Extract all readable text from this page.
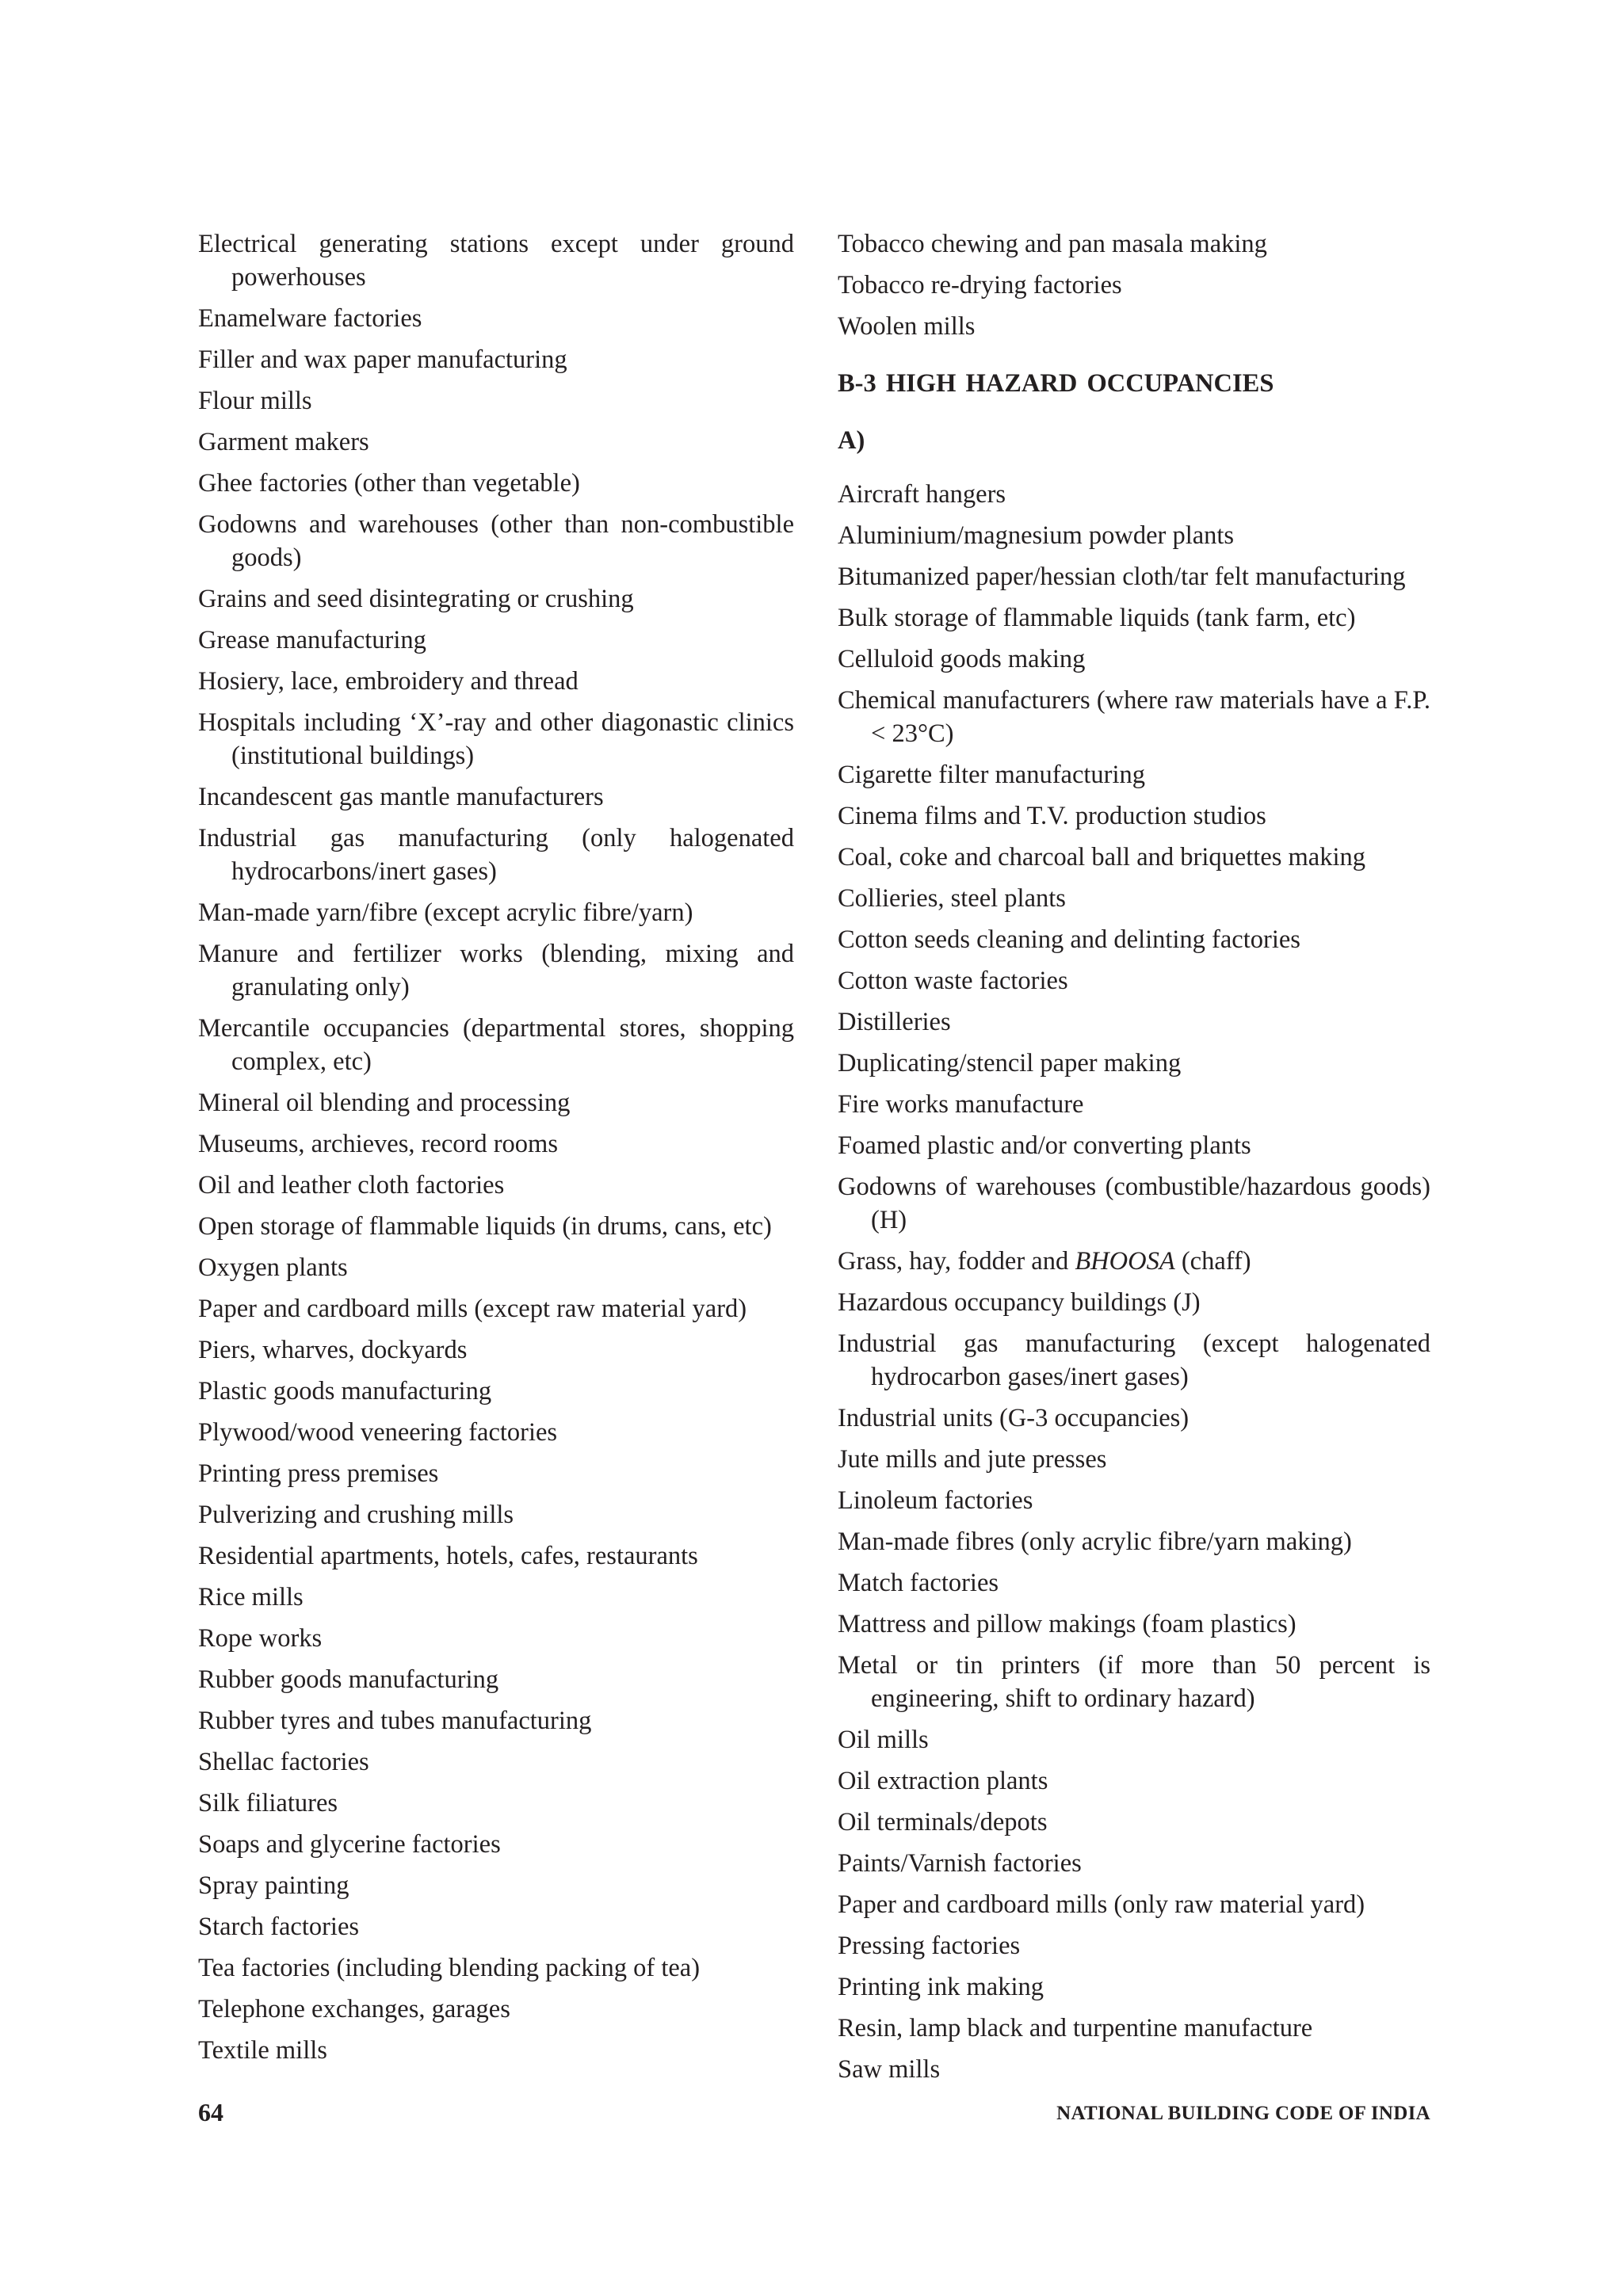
Electrical generating stations except under ground powerhouses
Enamelware factories
Filler and wax paper manufacturing
Flour mills
Garment makers
Ghee factories (other than vegetable)
Godowns and warehouses (other than non-combustible goods)
Grains and seed disintegrating or crushing
Grease manufacturing
Hosiery, lace, embroidery and thread
Hospitals including ‘X’-ray and other diagonastic clinics (institutional buildings)
Incandescent gas mantle manufacturers
Industrial gas manufacturing (only halogenated hydrocarbons/inert gases)
Man-made yarn/fibre (except acrylic fibre/yarn)
Manure and fertilizer works (blending, mixing and granulating only)
Mercantile occupancies (departmental stores, shopping complex, etc)
Mineral oil blending and processing
Museums, archieves, record rooms
Oil and leather cloth factories
Open storage of flammable liquids (in drums, cans, etc)
Oxygen plants
Paper and cardboard mills (except raw material yard)
Piers, wharves, dockyards
Plastic goods manufacturing
Plywood/wood veneering factories
Printing press premises
Pulverizing and crushing mills
Residential apartments, hotels, cafes, restaurants
Rice mills
Rope works
Rubber goods manufacturing
Rubber tyres and tubes manufacturing
Shellac factories
Silk filiatures
Soaps and glycerine factories
Spray painting
Starch factories
Tea factories (including blending packing of tea)
Telephone exchanges, garages
Textile mills
Tobacco chewing and pan masala making
Tobacco re-drying factories
Woolen mills
B-3 HIGH HAZARD OCCUPANCIES
A)
Aircraft hangers
Aluminium/magnesium powder plants
Bitumanized paper/hessian cloth/tar felt manufacturing
Bulk storage of flammable liquids (tank farm, etc)
Celluloid goods making
Chemical manufacturers (where raw materials have a F.P. < 23°C)
Cigarette filter manufacturing
Cinema films and T.V. production studios
Coal, coke and charcoal ball and briquettes making
Collieries, steel plants
Cotton seeds cleaning and delinting factories
Cotton waste factories
Distilleries
Duplicating/stencil paper making
Fire works manufacture
Foamed plastic and/or converting plants
Godowns of warehouses (combustible/hazardous goods) (H)
Grass, hay, fodder and BHOOSA (chaff)
Hazardous occupancy buildings (J)
Industrial gas manufacturing (except halogenated hydrocarbon gases/inert gases)
Industrial units (G-3 occupancies)
Jute mills and jute presses
Linoleum factories
Man-made fibres (only acrylic fibre/yarn making)
Match factories
Mattress and pillow makings (foam plastics)
Metal or tin printers (if more than 50 percent is engineering, shift to ordinary hazard)
Oil mills
Oil extraction plants
Oil terminals/depots
Paints/Varnish factories
Paper and cardboard mills (only raw material yard)
Pressing factories
Printing ink making
Resin, lamp black and turpentine manufacture
Saw mills
64	NATIONAL BUILDING CODE OF INDIA
